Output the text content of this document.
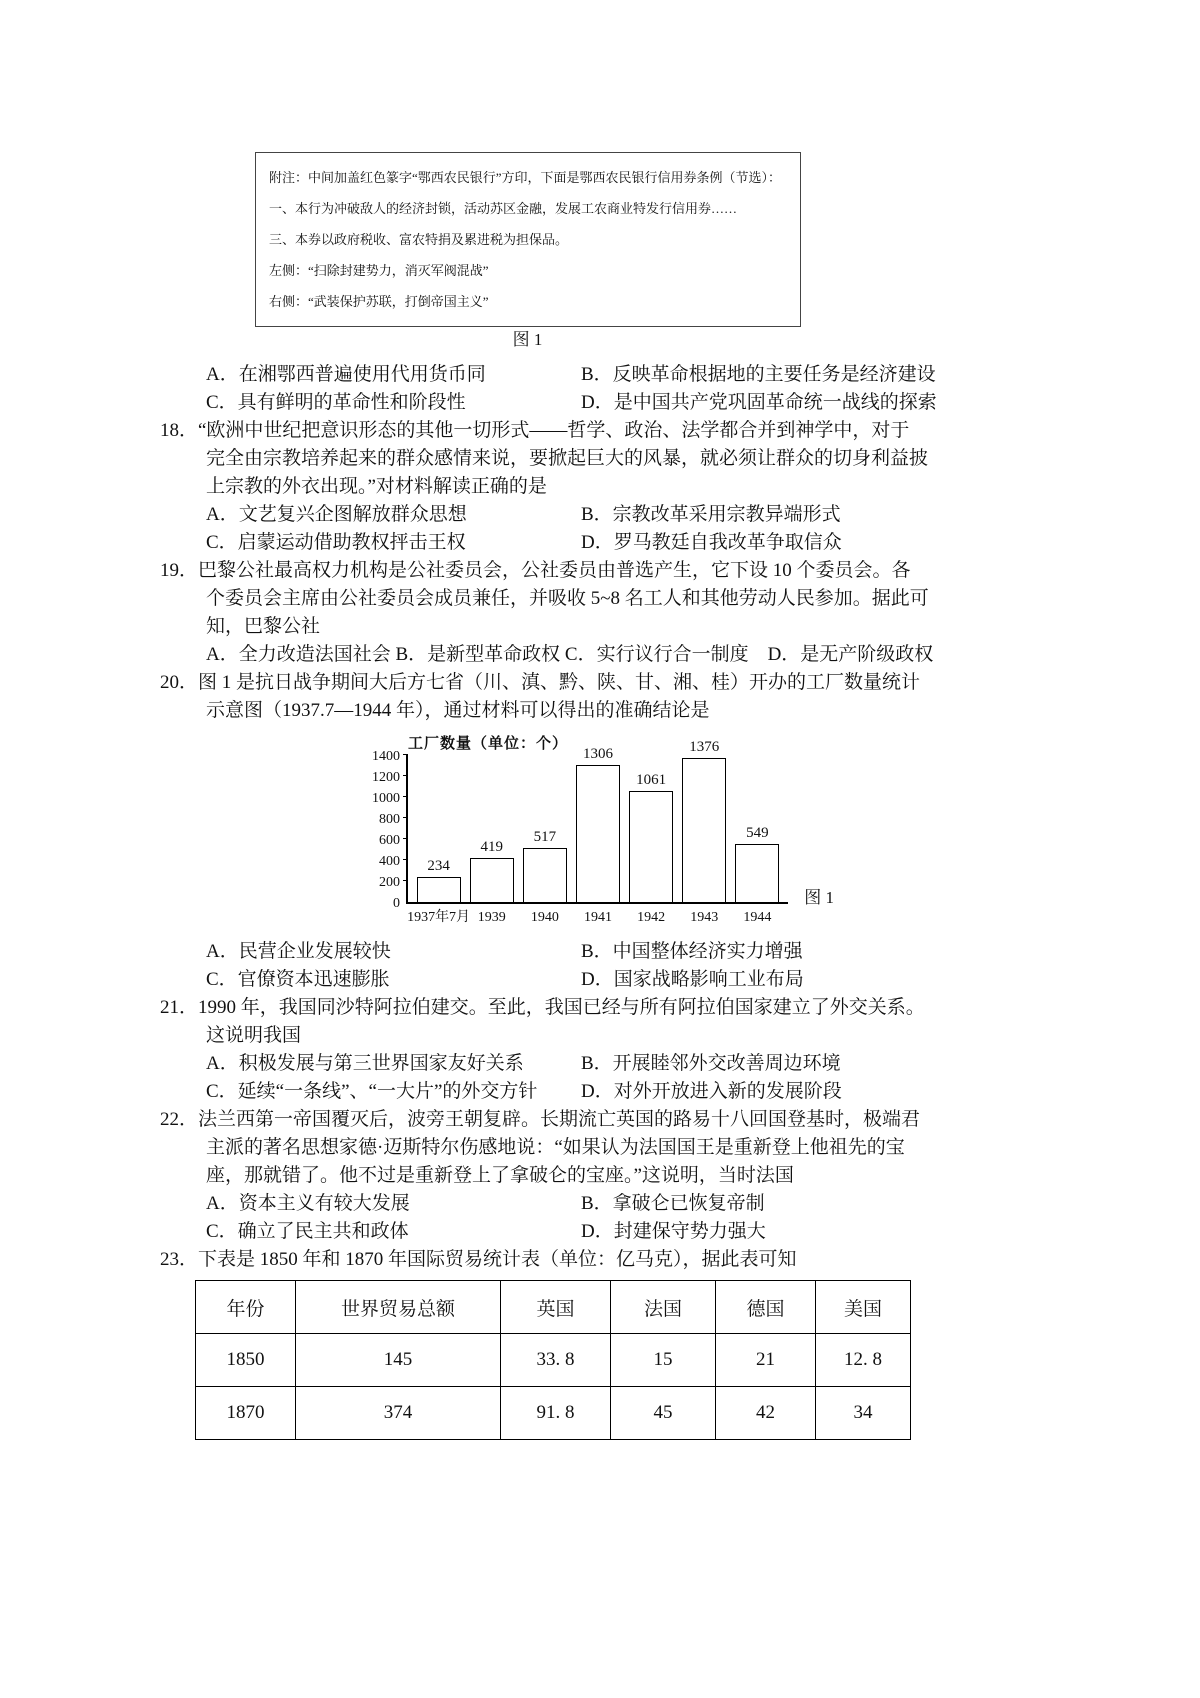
附注：中间加盖红色篆字“鄂西农民银行”方印，下面是鄂西农民银行信用券条例（节选）：
一、本行为冲破敌人的经济封锁，活动苏区金融，发展工农商业特发行信用券……
三、本券以政府税收、富农特捐及累进税为担保品。
左侧：“扫除封建势力，消灭军阀混战”
右侧：“武装保护苏联，打倒帝国主义”
图 1
A．在湘鄂西普遍使用代用货币同	B．反映革命根据地的主要任务是经济建设
C．具有鲜明的革命性和阶段性	D．是中国共产党巩固革命统一战线的探索
18．“欧洲中世纪把意识形态的其他一切形式——哲学、政治、法学都合并到神学中，对于
完全由宗教培养起来的群众感情来说，要掀起巨大的风暴，就必须让群众的切身利益披
上宗教的外衣出现。”对材料解读正确的是
A．文艺复兴企图解放群众思想	B．宗教改革采用宗教异端形式
C．启蒙运动借助教权抨击王权	D．罗马教廷自我改革争取信众
19．巴黎公社最高权力机构是公社委员会，公社委员由普选产生，它下设 10 个委员会。各
个委员会主席由公社委员会成员兼任，并吸收 5~8 名工人和其他劳动人民参加。据此可
知，巴黎公社
A．全力改造法国社会 B．是新型革命政权 C．实行议行合一制度　D．是无产阶级政权
20．图 1 是抗日战争期间大后方七省（川、滇、黔、陕、甘、湘、桂）开办的工厂数量统计
示意图（1937.7—1944 年），通过材料可以得出的准确结论是
工厂数量（单位：个）
0
200
400
600
800
1000
1200
1400
234
1937年7月
419
1939
517
1940
1306
1941
1061
1942
1376
1943
549
1944
图 1
A．民营企业发展较快	B．中国整体经济实力增强
C．官僚资本迅速膨胀	D．国家战略影响工业布局
21．1990 年，我国同沙特阿拉伯建交。至此，我国已经与所有阿拉伯国家建立了外交关系。
这说明我国
A．积极发展与第三世界国家友好关系	B．开展睦邻外交改善周边环境
C．延续“一条线”、“一大片”的外交方针 D．对外开放进入新的发展阶段
22．法兰西第一帝国覆灭后，波旁王朝复辟。长期流亡英国的路易十八回国登基时，极端君
主派的著名思想家德·迈斯特尔伤感地说：“如果认为法国国王是重新登上他祖先的宝
座，那就错了。他不过是重新登上了拿破仑的宝座。”这说明，当时法国
A．资本主义有较大发展	B．拿破仑已恢复帝制
C．确立了民主共和政体	D．封建保守势力强大
23．下表是 1850 年和 1870 年国际贸易统计表（单位：亿马克），据此表可知
年份	世界贸易总额	英国	法国	德国	美国
1850	145	33. 8	15	21	12. 8
1870	374	91. 8	45	42	34
